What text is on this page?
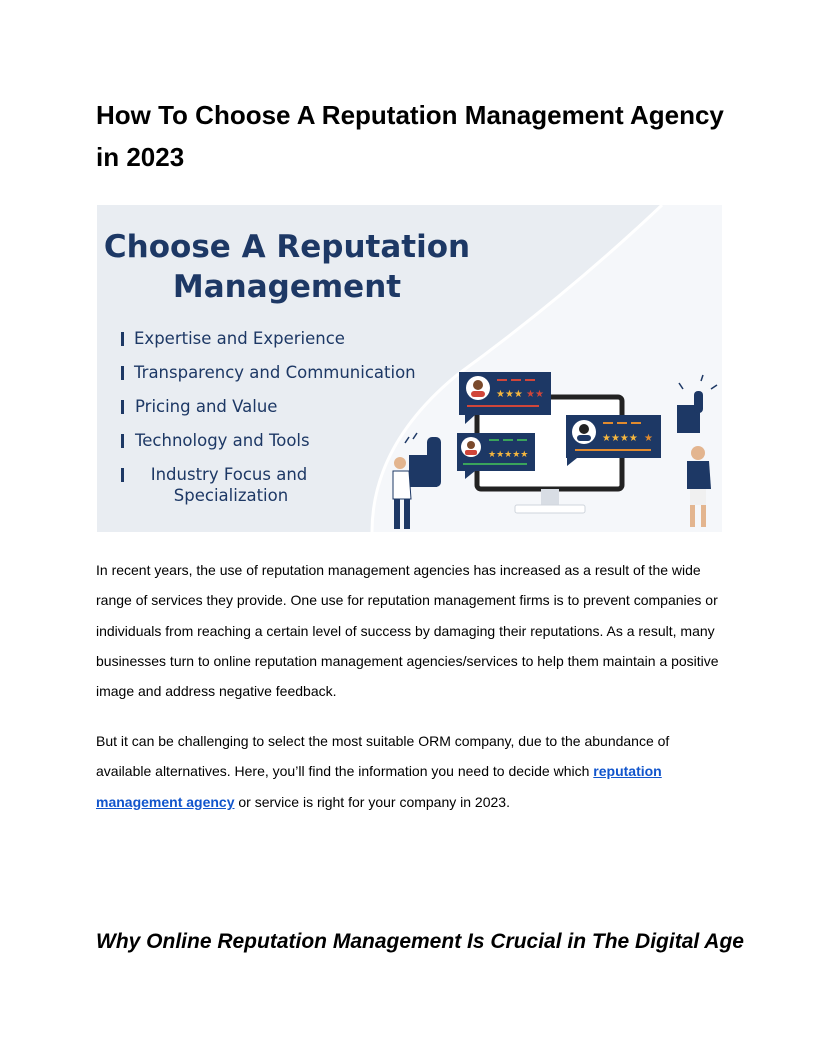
How To Choose A Reputation Management Agency in 2023
Choose A Reputation
Management
Expertise and Experience
Transparency and Communication
Pricing and Value
Technology and Tools
Industry Focus and
Specialization
★★★ ★★
★★★★★
★★★★ ★

In recent years, the use of reputation management agencies has increased as a result of the wide range of services they provide. One use for reputation management firms is to prevent companies or individuals from reaching a certain level of success by damaging their reputations. As a result, many businesses turn to online reputation management agencies/services to help them maintain a positive image and address negative feedback.

But it can be challenging to select the most suitable ORM company, due to the abundance of available alternatives. Here, you’ll find the information you need to decide which reputation management agency or service is right for your company in 2023.

Why Online Reputation Management Is Crucial in The Digital Age
